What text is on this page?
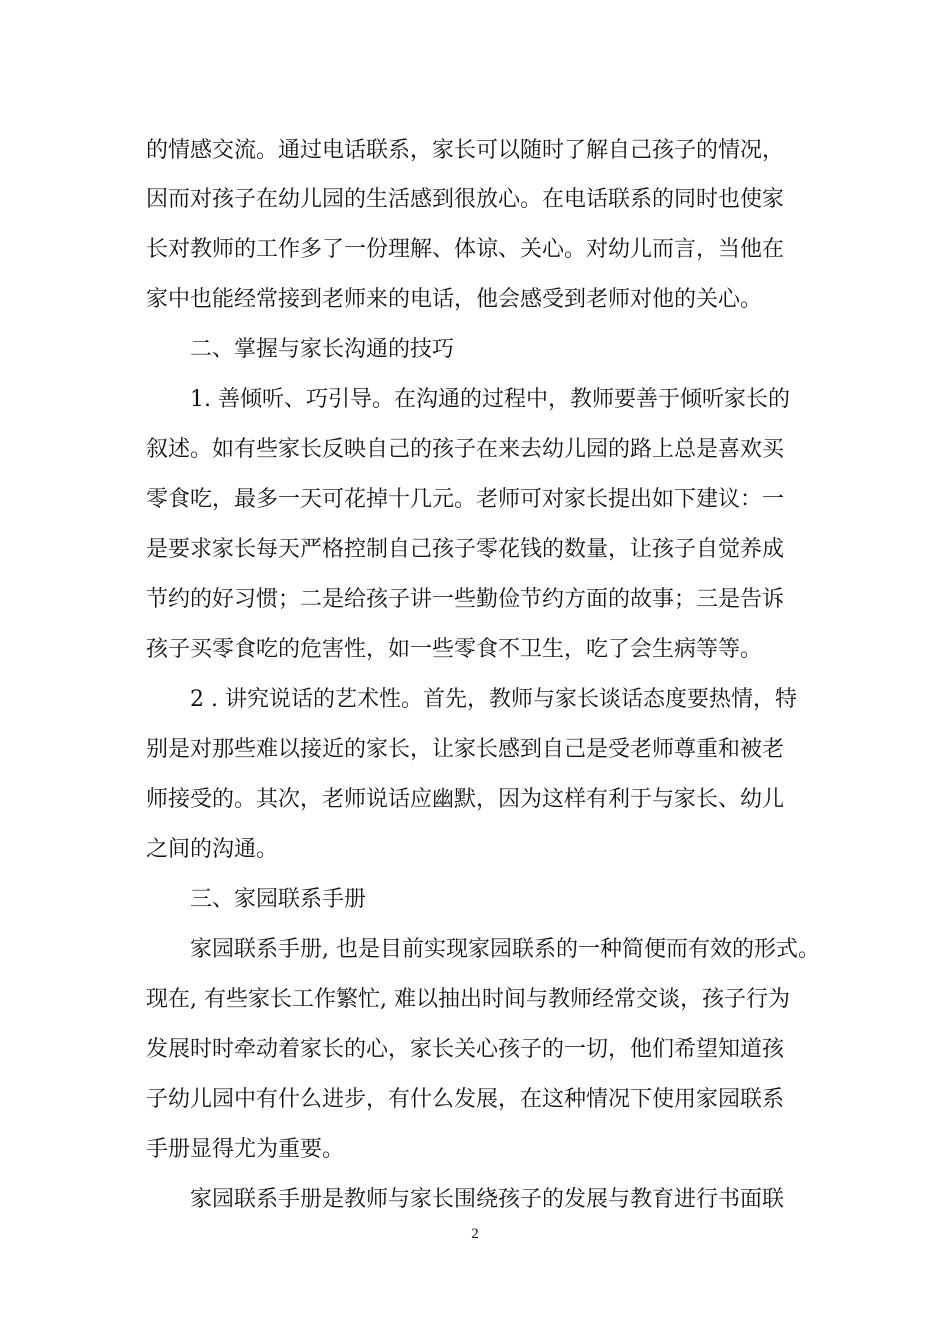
的情感交流。通过电话联系，家长可以随时了解自己孩子的情况，
因而对孩子在幼儿园的生活感到很放心。在电话联系的同时也使家
长对教师的工作多了一份理解、体谅、关心。对幼儿而言，当他在
家中也能经常接到老师来的电话，他会感受到老师对他的关心。
二、掌握与家长沟通的技巧
1. 善倾听、巧引导。在沟通的过程中，教师要善于倾听家长的
叙述。如有些家长反映自己的孩子在来去幼儿园的路上总是喜欢买
零食吃，最多一天可花掉十几元。老师可对家长提出如下建议：一
是要求家长每天严格控制自己孩子零花钱的数量，让孩子自觉养成
节约的好习惯；二是给孩子讲一些勤俭节约方面的故事；三是告诉
孩子买零食吃的危害性，如一些零食不卫生，吃了会生病等等。
2 . 讲究说话的艺术性。首先，教师与家长谈话态度要热情，特
别是对那些难以接近的家长，让家长感到自己是受老师尊重和被老
师接受的。其次，老师说话应幽默，因为这样有利于与家长、幼儿
之间的沟通。
三、家园联系手册
家园联系手册, 也是目前实现家园联系的一种简便而有效的形式。
现在, 有些家长工作繁忙, 难以抽出时间与教师经常交谈，孩子行为
发展时时牵动着家长的心，家长关心孩子的一切，他们希望知道孩
子幼儿园中有什么进步，有什么发展，在这种情况下使用家园联系
手册显得尤为重要。
家园联系手册是教师与家长围绕孩子的发展与教育进行书面联
2
